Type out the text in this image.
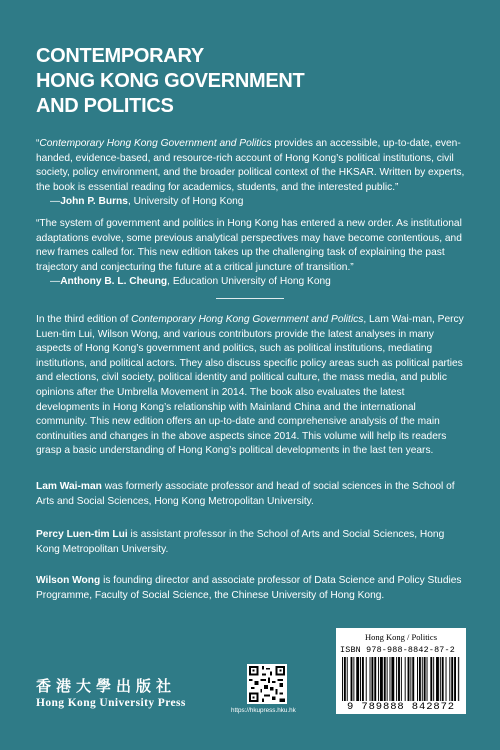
CONTEMPORARY
HONG KONG GOVERNMENT
AND POLITICS
“Contemporary Hong Kong Government and Politics provides an accessible, up-to-date, even-handed, evidence-based, and resource-rich account of Hong Kong’s political institutions, civil society, policy environment, and the broader political context of the HKSAR. Written by experts, the book is essential reading for academics, students, and the interested public.”
—John P. Burns, University of Hong Kong
“The system of government and politics in Hong Kong has entered a new order. As institutional adaptations evolve, some previous analytical perspectives may have become contentious, and new frames called for. This new edition takes up the challenging task of explaining the past trajectory and conjecturing the future at a critical juncture of transition.”
—Anthony B. L. Cheung, Education University of Hong Kong
In the third edition of Contemporary Hong Kong Government and Politics, Lam Wai-man, Percy Luen-tim Lui, Wilson Wong, and various contributors provide the latest analyses in many aspects of Hong Kong’s government and politics, such as political institutions, mediating institutions, and political actors. They also discuss specific policy areas such as political parties and elections, civil society, political identity and political culture, the mass media, and public opinions after the Umbrella Movement in 2014. The book also evaluates the latest developments in Hong Kong’s relationship with Mainland China and the international community. This new edition offers an up-to-date and comprehensive analysis of the main continuities and changes in the above aspects since 2014. This volume will help its readers grasp a basic understanding of Hong Kong’s political developments in the last ten years.
Lam Wai-man was formerly associate professor and head of social sciences in the School of Arts and Social Sciences, Hong Kong Metropolitan University.
Percy Luen-tim Lui is assistant professor in the School of Arts and Social Sciences, Hong Kong Metropolitan University.
Wilson Wong is founding director and associate professor of Data Science and Policy Studies Programme, Faculty of Social Science, the Chinese University of Hong Kong.
香港大學出版社
Hong Kong University Press
https://hkupress.hku.hk
Hong Kong / Politics
ISBN 978-988-8842-87-2
9 789888 842872
